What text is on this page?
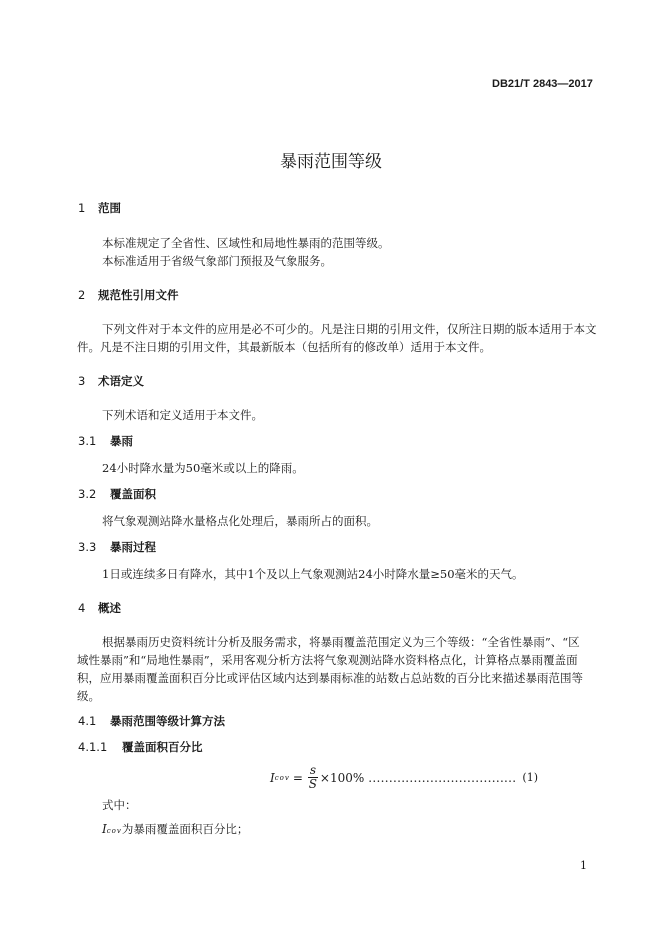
DB21/T 2843—2017
暴雨范围等级
1 范围
本标准规定了全省性、区域性和局地性暴雨的范围等级。
本标准适用于省级气象部门预报及气象服务。
2 规范性引用文件
下列文件对于本文件的应用是必不可少的。凡是注日期的引用文件，仅所注日期的版本适用于本文
件。凡是不注日期的引用文件，其最新版本（包括所有的修改单）适用于本文件。
3 术语定义
下列术语和定义适用于本文件。
3.1 暴雨
24小时降水量为50毫米或以上的降雨。
3.2 覆盖面积
将气象观测站降水量格点化处理后，暴雨所占的面积。
3.3 暴雨过程
1日或连续多日有降水，其中1个及以上气象观测站24小时降水量≥50毫米的天气。
4 概述
根据暴雨历史资料统计分析及服务需求，将暴雨覆盖范围定义为三个等级：“全省性暴雨”、“区
域性暴雨”和“局地性暴雨”，采用客观分析方法将气象观测站降水资料格点化，计算格点暴雨覆盖面
积，应用暴雨覆盖面积百分比或评估区域内达到暴雨标准的站数占总站数的百分比来描述暴雨范围等
级。
4.1 暴雨范围等级计算方法
4.1.1 覆盖面积百分比
I cov = $\frac{s}{S} \times 100\%$ .................................... (1)
式中：
I cov 为暴雨覆盖面积百分比；
1
